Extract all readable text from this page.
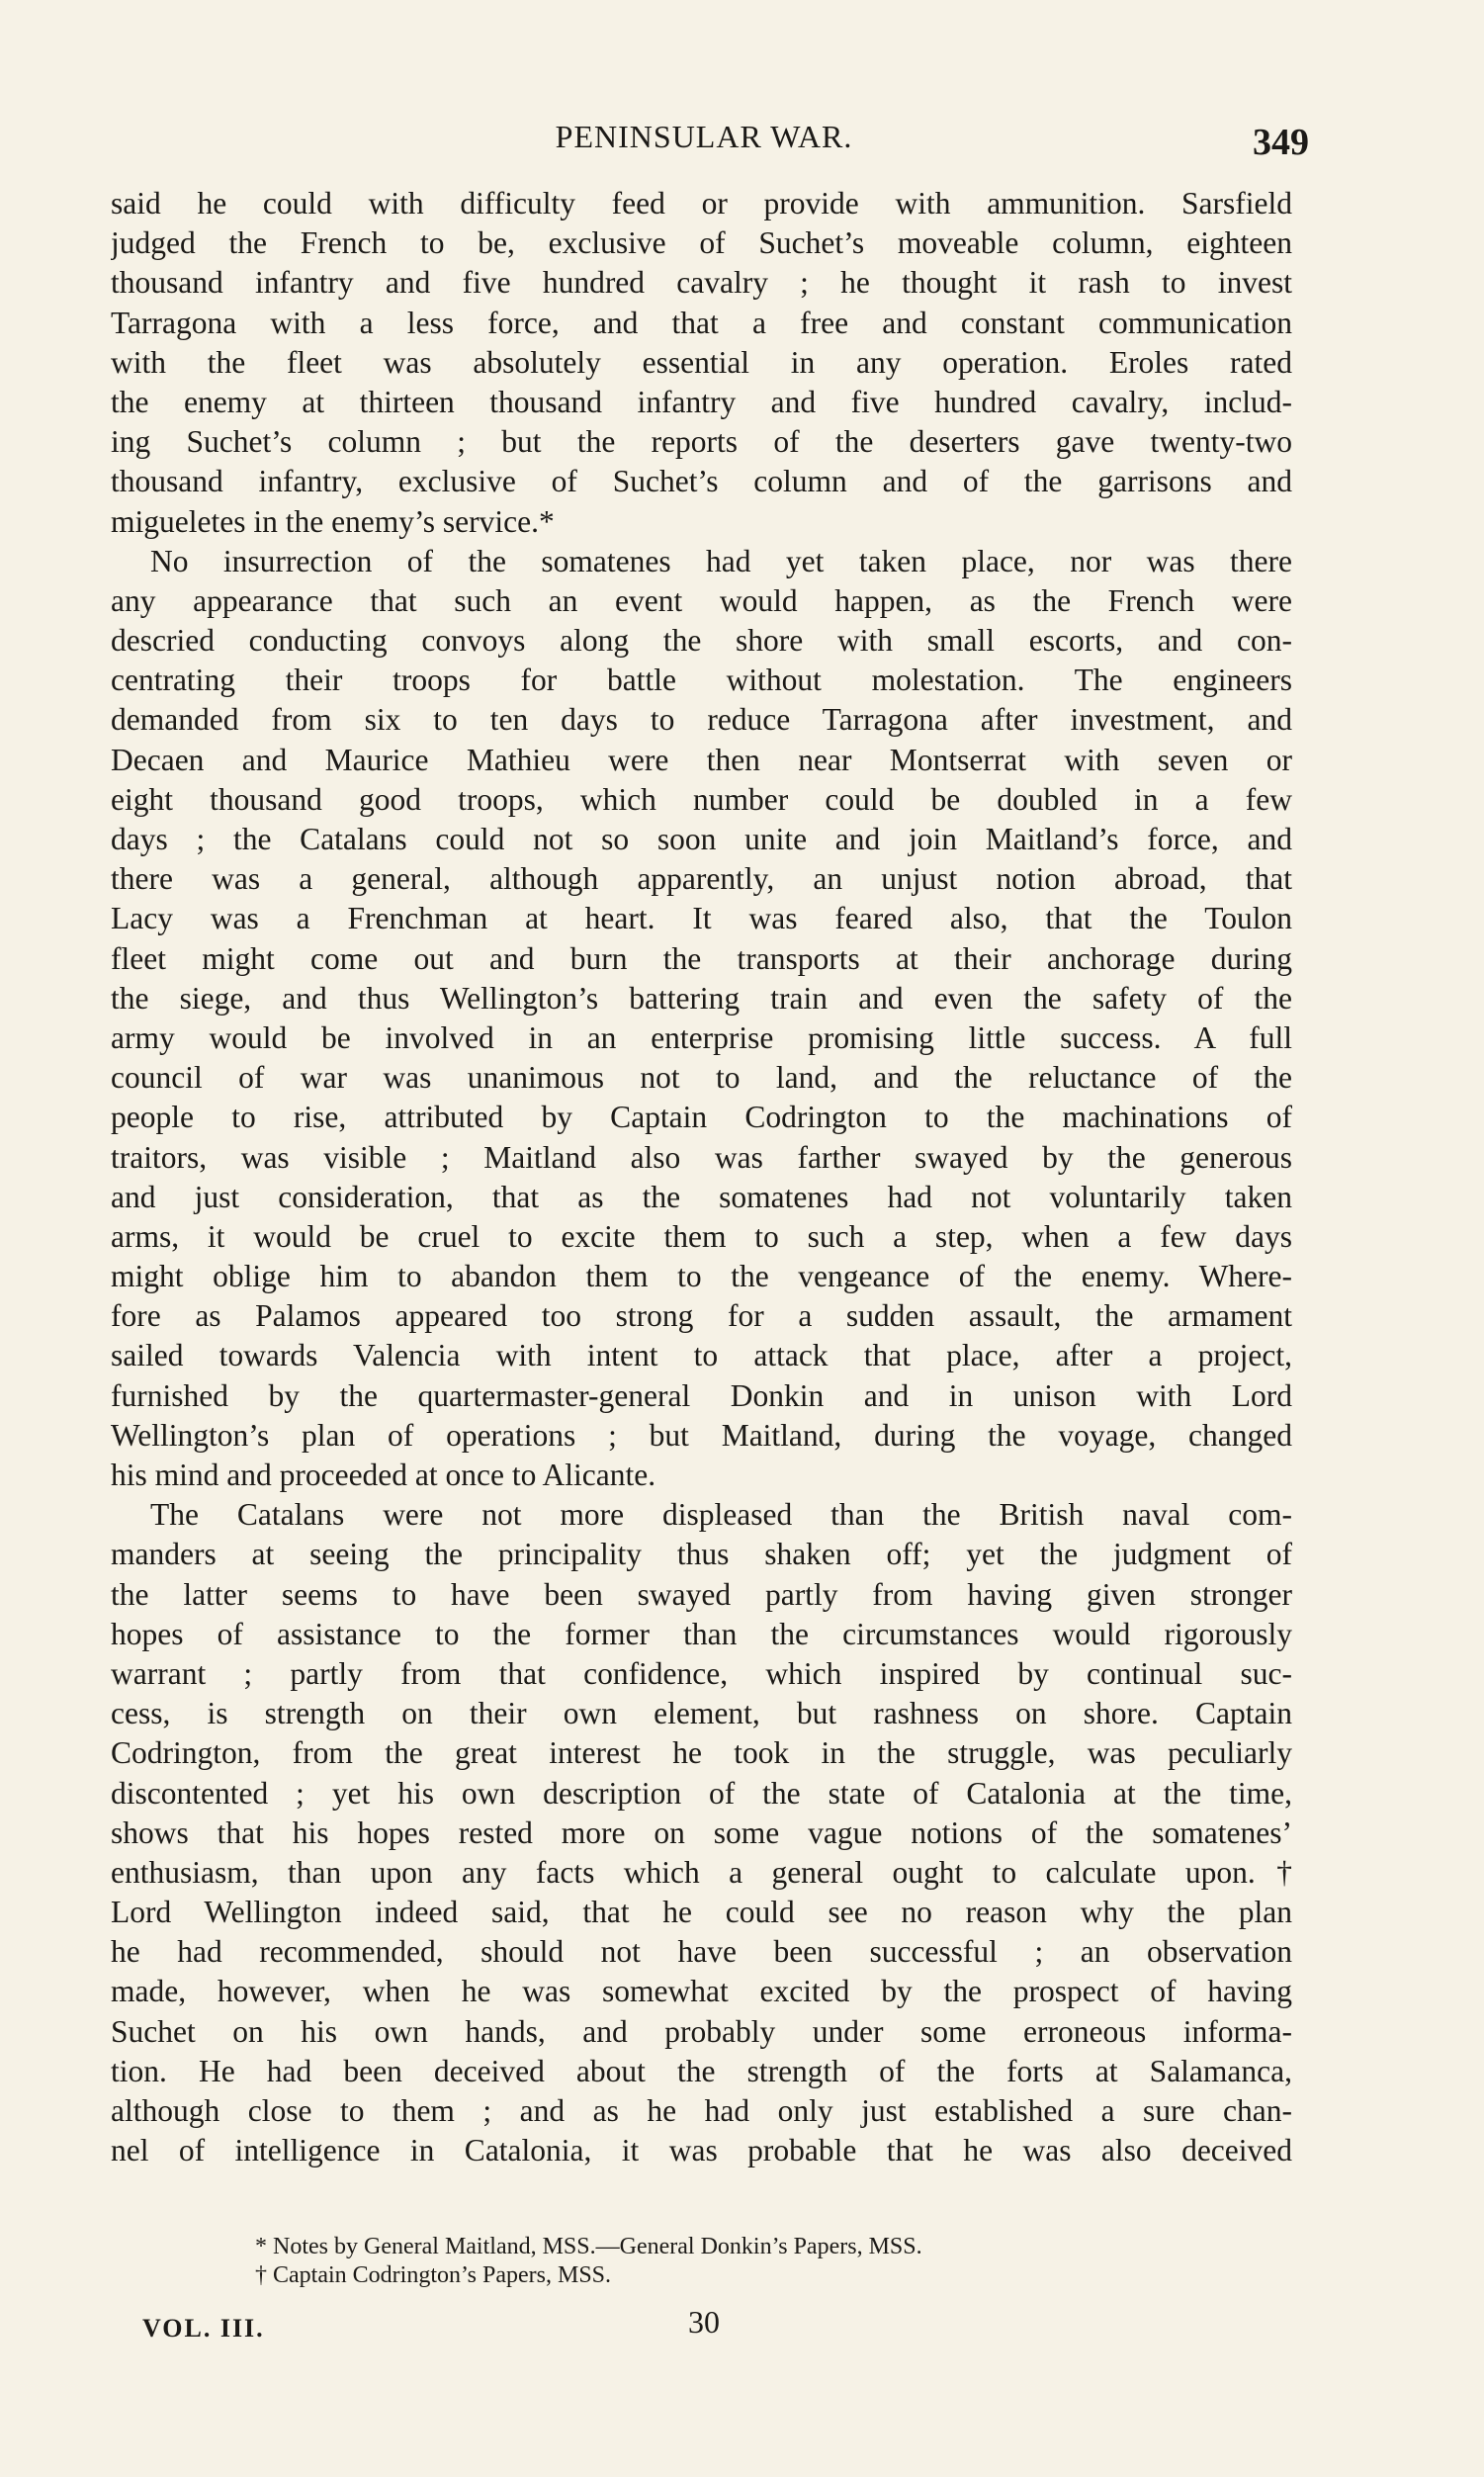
PENINSULAR WAR.	349
said he could with difficulty feed or provide with ammunition. Sarsfield
judged the French to be, exclusive of Suchet’s moveable column, eighteen
thousand infantry and five hundred cavalry ; he thought it rash to invest
Tarragona with a less force, and that a free and constant communication
with the fleet was absolutely essential in any operation. Eroles rated
the enemy at thirteen thousand infantry and five hundred cavalry, includ-
ing Suchet’s column ; but the reports of the deserters gave twenty-two
thousand infantry, exclusive of Suchet’s column and of the garrisons and
migueletes in the enemy’s service.*
No insurrection of the somatenes had yet taken place, nor was there
any appearance that such an event would happen, as the French were
descried conducting convoys along the shore with small escorts, and con-
centrating their troops for battle without molestation. The engineers
demanded from six to ten days to reduce Tarragona after investment, and
Decaen and Maurice Mathieu were then near Montserrat with seven or
eight thousand good troops, which number could be doubled in a few
days ; the Catalans could not so soon unite and join Maitland’s force, and
there was a general, although apparently, an unjust notion abroad, that
Lacy was a Frenchman at heart. It was feared also, that the Toulon
fleet might come out and burn the transports at their anchorage during
the siege, and thus Wellington’s battering train and even the safety of the
army would be involved in an enterprise promising little success. A full
council of war was unanimous not to land, and the reluctance of the
people to rise, attributed by Captain Codrington to the machinations of
traitors, was visible ; Maitland also was farther swayed by the generous
and just consideration, that as the somatenes had not voluntarily taken
arms, it would be cruel to excite them to such a step, when a few days
might oblige him to abandon them to the vengeance of the enemy. Where-
fore as Palamos appeared too strong for a sudden assault, the armament
sailed towards Valencia with intent to attack that place, after a project,
furnished by the quartermaster-general Donkin and in unison with Lord
Wellington’s plan of operations ; but Maitland, during the voyage, changed
his mind and proceeded at once to Alicante.
The Catalans were not more displeased than the British naval com-
manders at seeing the principality thus shaken off; yet the judgment of
the latter seems to have been swayed partly from having given stronger
hopes of assistance to the former than the circumstances would rigorously
warrant ; partly from that confidence, which inspired by continual suc-
cess, is strength on their own element, but rashness on shore. Captain
Codrington, from the great interest he took in the struggle, was peculiarly
discontented ; yet his own description of the state of Catalonia at the time,
shows that his hopes rested more on some vague notions of the somatenes’
enthusiasm, than upon any facts which a general ought to calculate upon.†
Lord Wellington indeed said, that he could see no reason why the plan
he had recommended, should not have been successful ; an observation
made, however, when he was somewhat excited by the prospect of having
Suchet on his own hands, and probably under some erroneous informa-
tion. He had been deceived about the strength of the forts at Salamanca,
although close to them ; and as he had only just established a sure chan-
nel of intelligence in Catalonia, it was probable that he was also deceived
* Notes by General Maitland, MSS.—General Donkin’s Papers, MSS.
† Captain Codrington’s Papers, MSS.
VOL. III.	30
